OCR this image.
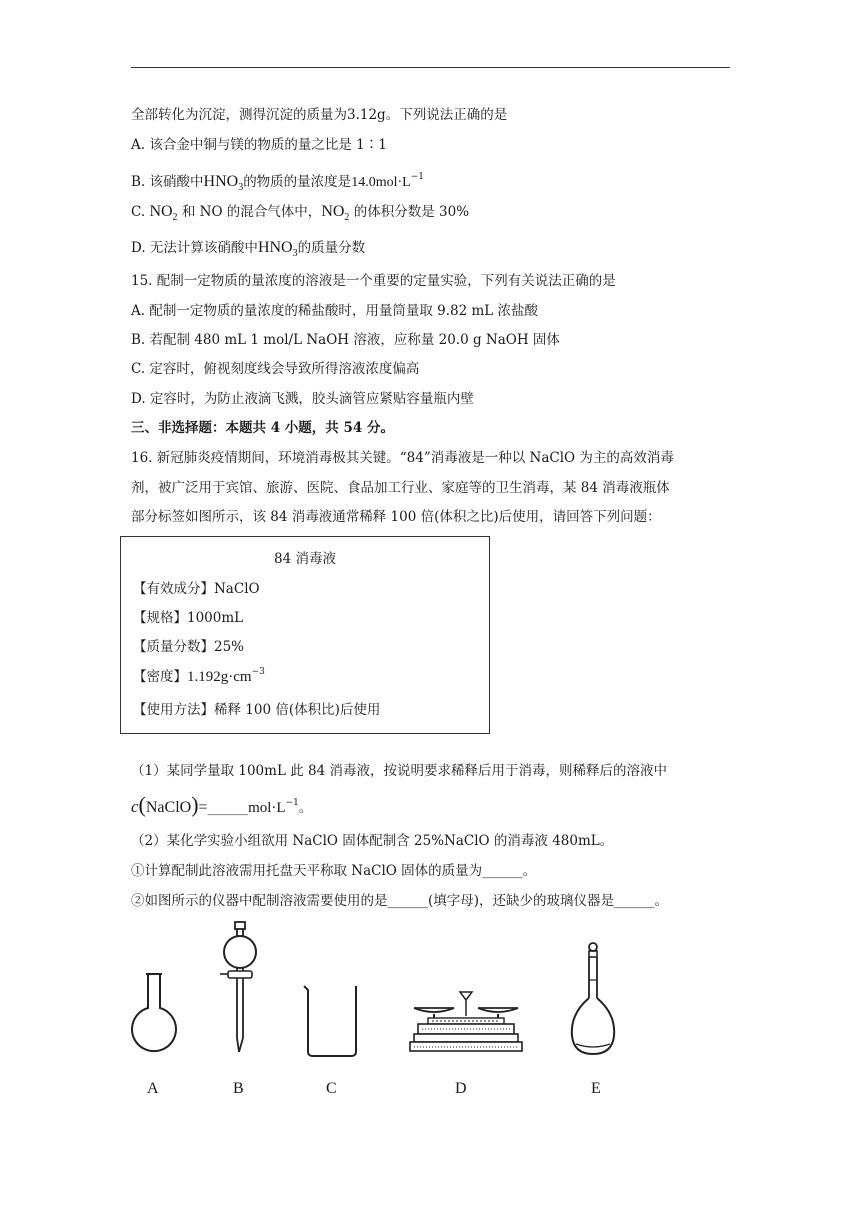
全部转化为沉淀，测得沉淀的质量为3.12g。下列说法正确的是
A. 该合金中铜与镁的物质的量之比是 1∶1
B. 该硝酸中$HNO_3$的物质的量浓度是$14.0mol\cdot L^{-1}$
C. $NO_2$ 和 NO 的混合气体中，$NO_2$ 的体积分数是 30%
D. 无法计算该硝酸中$HNO_3$的质量分数
15. 配制一定物质的量浓度的溶液是一个重要的定量实验，下列有关说法正确的是
A. 配制一定物质的量浓度的稀盐酸时，用量筒量取 9.82 mL 浓盐酸
B. 若配制 480 mL 1 mol/L NaOH 溶液，应称量 20.0 g NaOH 固体
C. 定容时，俯视刻度线会导致所得溶液浓度偏高
D. 定容时，为防止液滴飞溅，胶头滴管应紧贴容量瓶内壁
三、非选择题：本题共 4 小题，共 54 分。
16. 新冠肺炎疫情期间，环境消毒极其关键。“84”消毒液是一种以 NaClO 为主的高效消毒
剂，被广泛用于宾馆、旅游、医院、食品加工行业、家庭等的卫生消毒，某 84 消毒液瓶体
部分标签如图所示，该 84 消毒液通常稀释 100 倍(体积之比)后使用，请回答下列问题：
84 消毒液
【有效成分】NaClO
【规格】1000mL
【质量分数】25%
【密度】$1.192g\cdot cm^{-3}$
【使用方法】稀释 100 倍(体积比)后使用
（1）某同学量取 100mL 此 84 消毒液，按说明要求稀释后用于消毒，则稀释后的溶液中
$c(NaClO)=\_\_\_\_\_\_mol\cdot L^{-1}$。
（2）某化学实验小组欲用 NaClO 固体配制含 25%NaClO 的消毒液 480mL。
①计算配制此溶液需用托盘天平称取 NaClO 固体的质量为______。
②如图所示的仪器中配制溶液需要使用的是______(填字母)，还缺少的玻璃仪器是______。
A	B	C	D	E
